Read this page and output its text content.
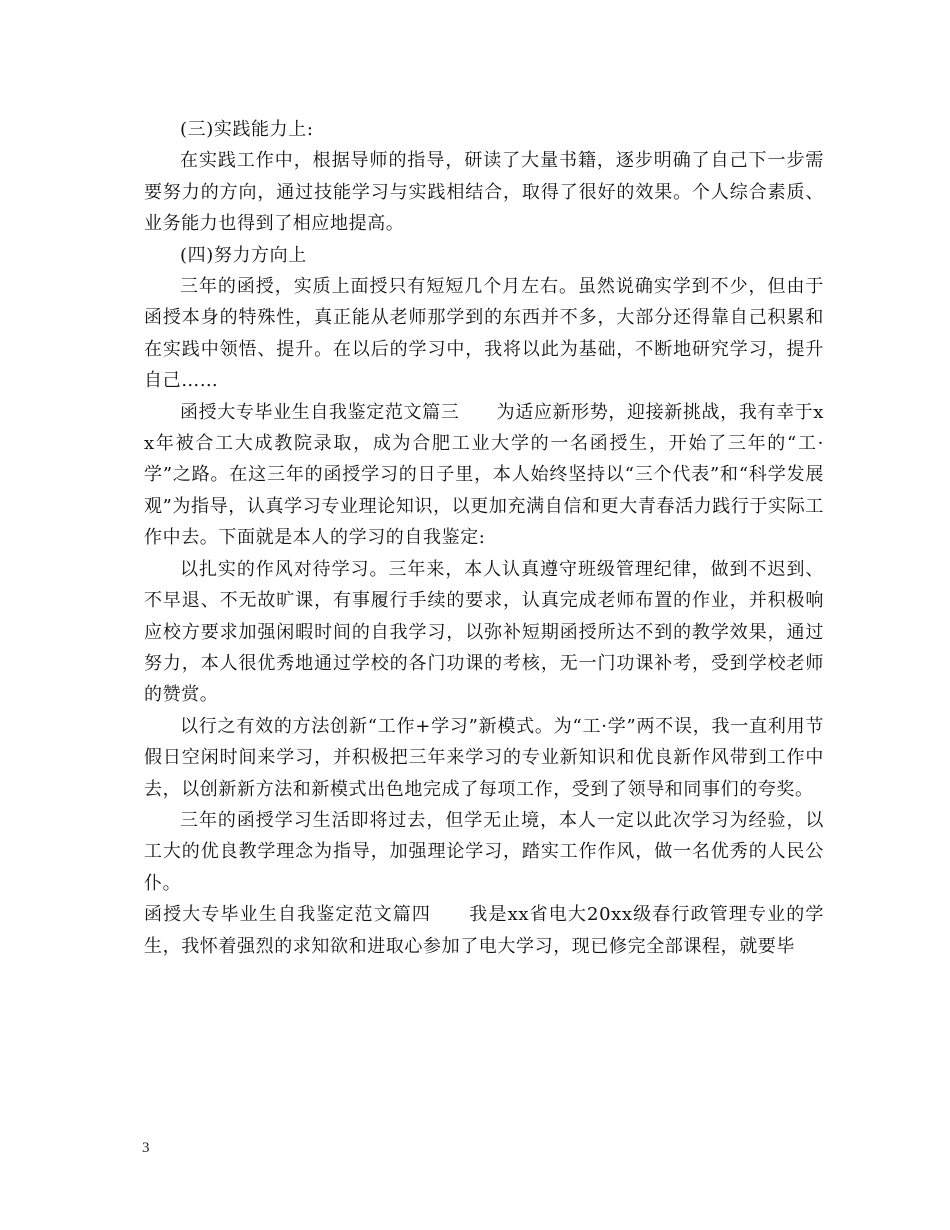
(三)实践能力上:

在实践工作中，根据导师的指导，研读了大量书籍，逐步明确了自己下一步需要努力的方向，通过技能学习与实践相结合，取得了很好的效果。个人综合素质、业务能力也得到了相应地提高。

(四)努力方向上

三年的函授，实质上面授只有短短几个月左右。虽然说确实学到不少，但由于函授本身的特殊性，真正能从老师那学到的东西并不多，大部分还得靠自己积累和在实践中领悟、提升。在以后的学习中，我将以此为基础，不断地研究学习，提升自己……

函授大专毕业生自我鉴定范文篇三　　为适应新形势，迎接新挑战，我有幸于xx年被合工大成教院录取，成为合肥工业大学的一名函授生，开始了三年的“工·学”之路。在这三年的函授学习的日子里，本人始终坚持以“三个代表”和“科学发展观”为指导，认真学习专业理论知识，以更加充满自信和更大青春活力践行于实际工作中去。下面就是本人的学习的自我鉴定:

以扎实的作风对待学习。三年来，本人认真遵守班级管理纪律，做到不迟到、不早退、不无故旷课，有事履行手续的要求，认真完成老师布置的作业，并积极响应校方要求加强闲暇时间的自我学习，以弥补短期函授所达不到的教学效果，通过努力，本人很优秀地通过学校的各门功课的考核，无一门功课补考，受到学校老师的赞赏。

以行之有效的方法创新“工作+学习”新模式。为“工·学”两不误，我一直利用节假日空闲时间来学习，并积极把三年来学习的专业新知识和优良新作风带到工作中去，以创新新方法和新模式出色地完成了每项工作，受到了领导和同事们的夸奖。

三年的函授学习生活即将过去，但学无止境，本人一定以此次学习为经验，以工大的优良教学理念为指导，加强理论学习，踏实工作作风，做一名优秀的人民公仆。

函授大专毕业生自我鉴定范文篇四　　我是xx省电大20xx级春行政管理专业的学生，我怀着强烈的求知欲和进取心参加了电大学习，现已修完全部课程，就要毕

3
